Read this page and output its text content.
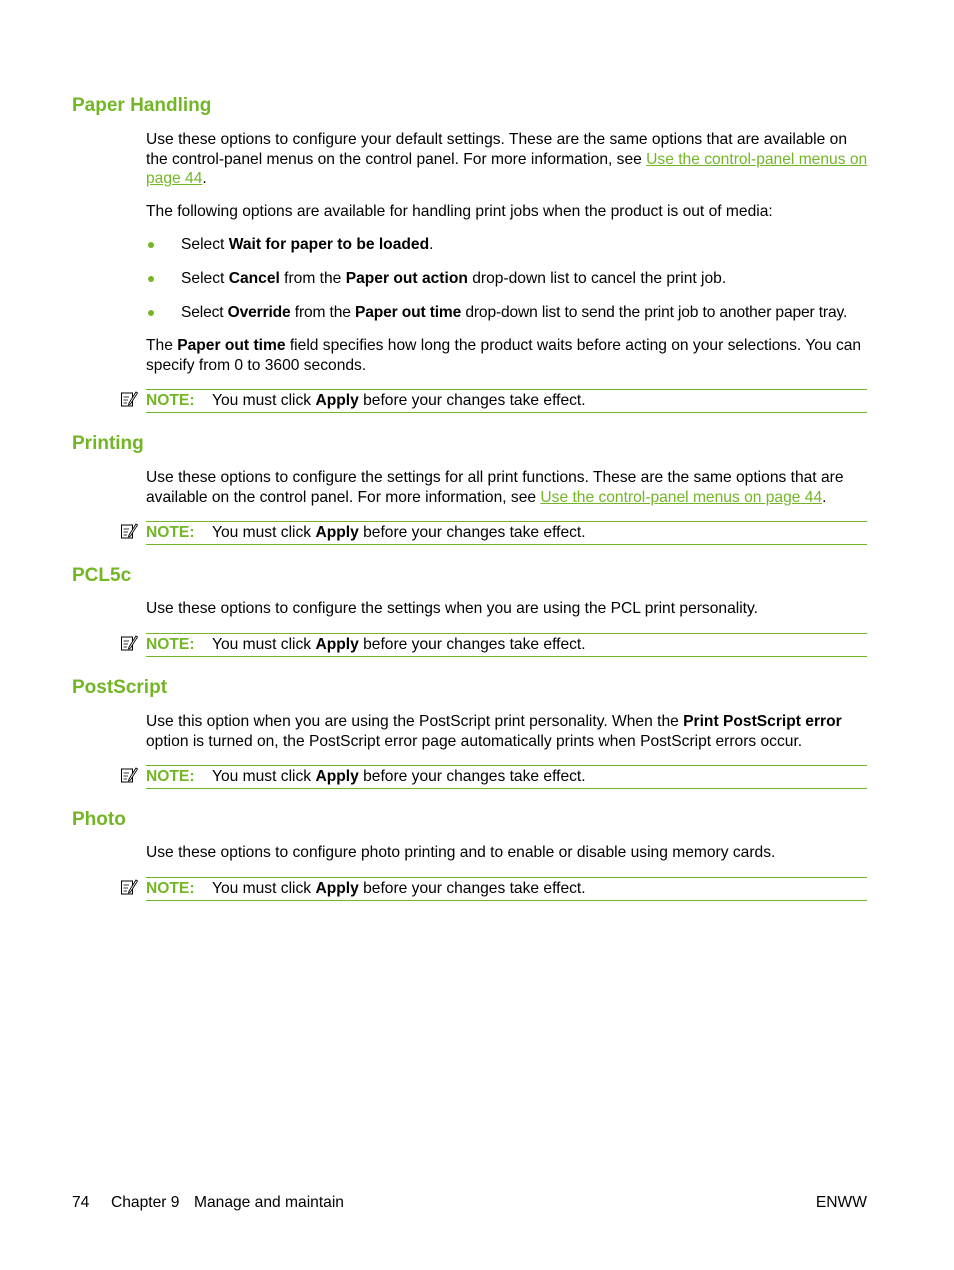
Paper Handling

Use these options to configure your default settings. These are the same options that are available on the control-panel menus on the control panel. For more information, see Use the control-panel menus on page 44.

The following options are available for handling print jobs when the product is out of media:

Select Wait for paper to be loaded.
Select Cancel from the Paper out action drop-down list to cancel the print job.
Select Override from the Paper out time drop-down list to send the print job to another paper tray.

The Paper out time field specifies how long the product waits before acting on your selections. You can specify from 0 to 3600 seconds.

NOTE: You must click Apply before your changes take effect.
Printing

Use these options to configure the settings for all print functions. These are the same options that are available on the control panel. For more information, see Use the control-panel menus on page 44.

NOTE: You must click Apply before your changes take effect.
PCL5c

Use these options to configure the settings when you are using the PCL print personality.

NOTE: You must click Apply before your changes take effect.
PostScript

Use this option when you are using the PostScript print personality. When the Print PostScript error option is turned on, the PostScript error page automatically prints when PostScript errors occur.

NOTE: You must click Apply before your changes take effect.
Photo

Use these options to configure photo printing and to enable or disable using memory cards.

NOTE: You must click Apply before your changes take effect.
74 Chapter 9 Manage and maintain	ENWW
